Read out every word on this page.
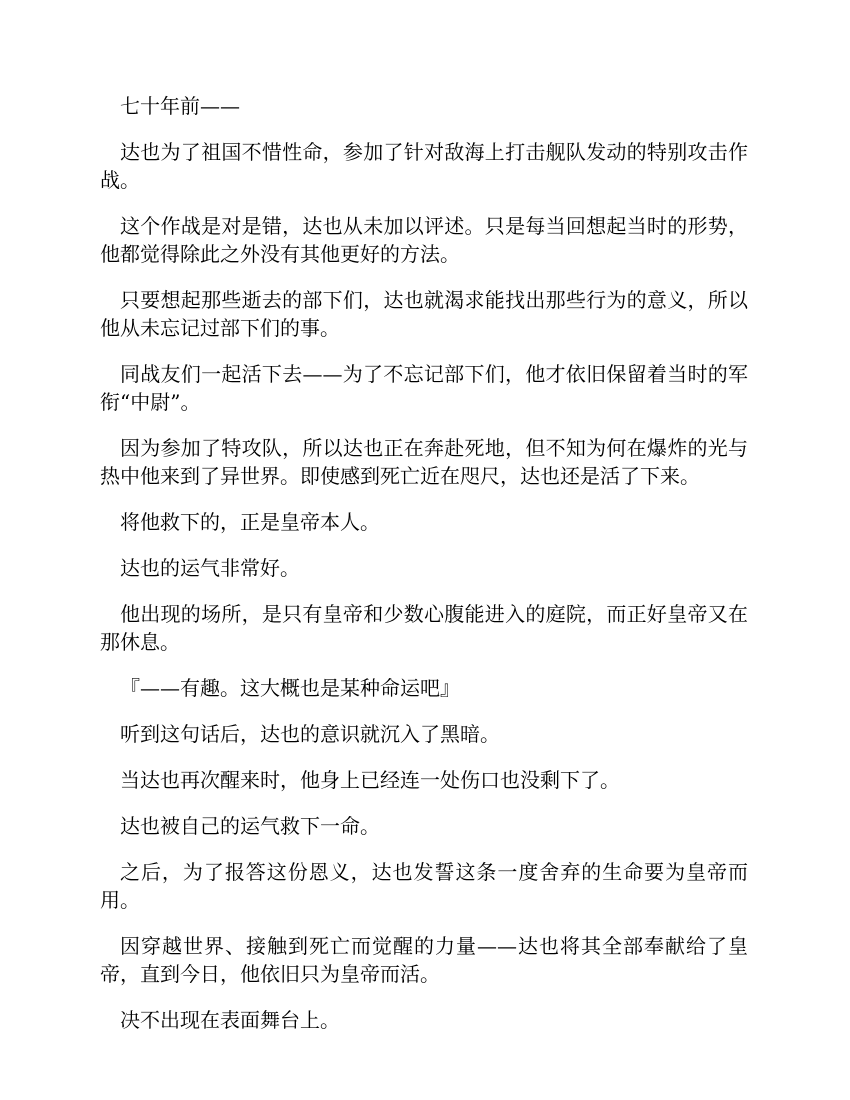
七十年前——

达也为了祖国不惜性命，参加了针对敌海上打击舰队发动的特别攻击作战。

这个作战是对是错，达也从未加以评述。只是每当回想起当时的形势，他都觉得除此之外没有其他更好的方法。

只要想起那些逝去的部下们，达也就渴求能找出那些行为的意义，所以他从未忘记过部下们的事。

同战友们一起活下去——为了不忘记部下们，他才依旧保留着当时的军衔“中尉”。

因为参加了特攻队，所以达也正在奔赴死地，但不知为何在爆炸的光与热中他来到了异世界。即使感到死亡近在咫尺，达也还是活了下来。

将他救下的，正是皇帝本人。

达也的运气非常好。

他出现的场所，是只有皇帝和少数心腹能进入的庭院，而正好皇帝又在那休息。

『——有趣。这大概也是某种命运吧』

听到这句话后，达也的意识就沉入了黑暗。

当达也再次醒来时，他身上已经连一处伤口也没剩下了。

达也被自己的运气救下一命。

之后，为了报答这份恩义，达也发誓这条一度舍弃的生命要为皇帝而用。

因穿越世界、接触到死亡而觉醒的力量——达也将其全部奉献给了皇帝，直到今日，他依旧只为皇帝而活。

决不出现在表面舞台上。
